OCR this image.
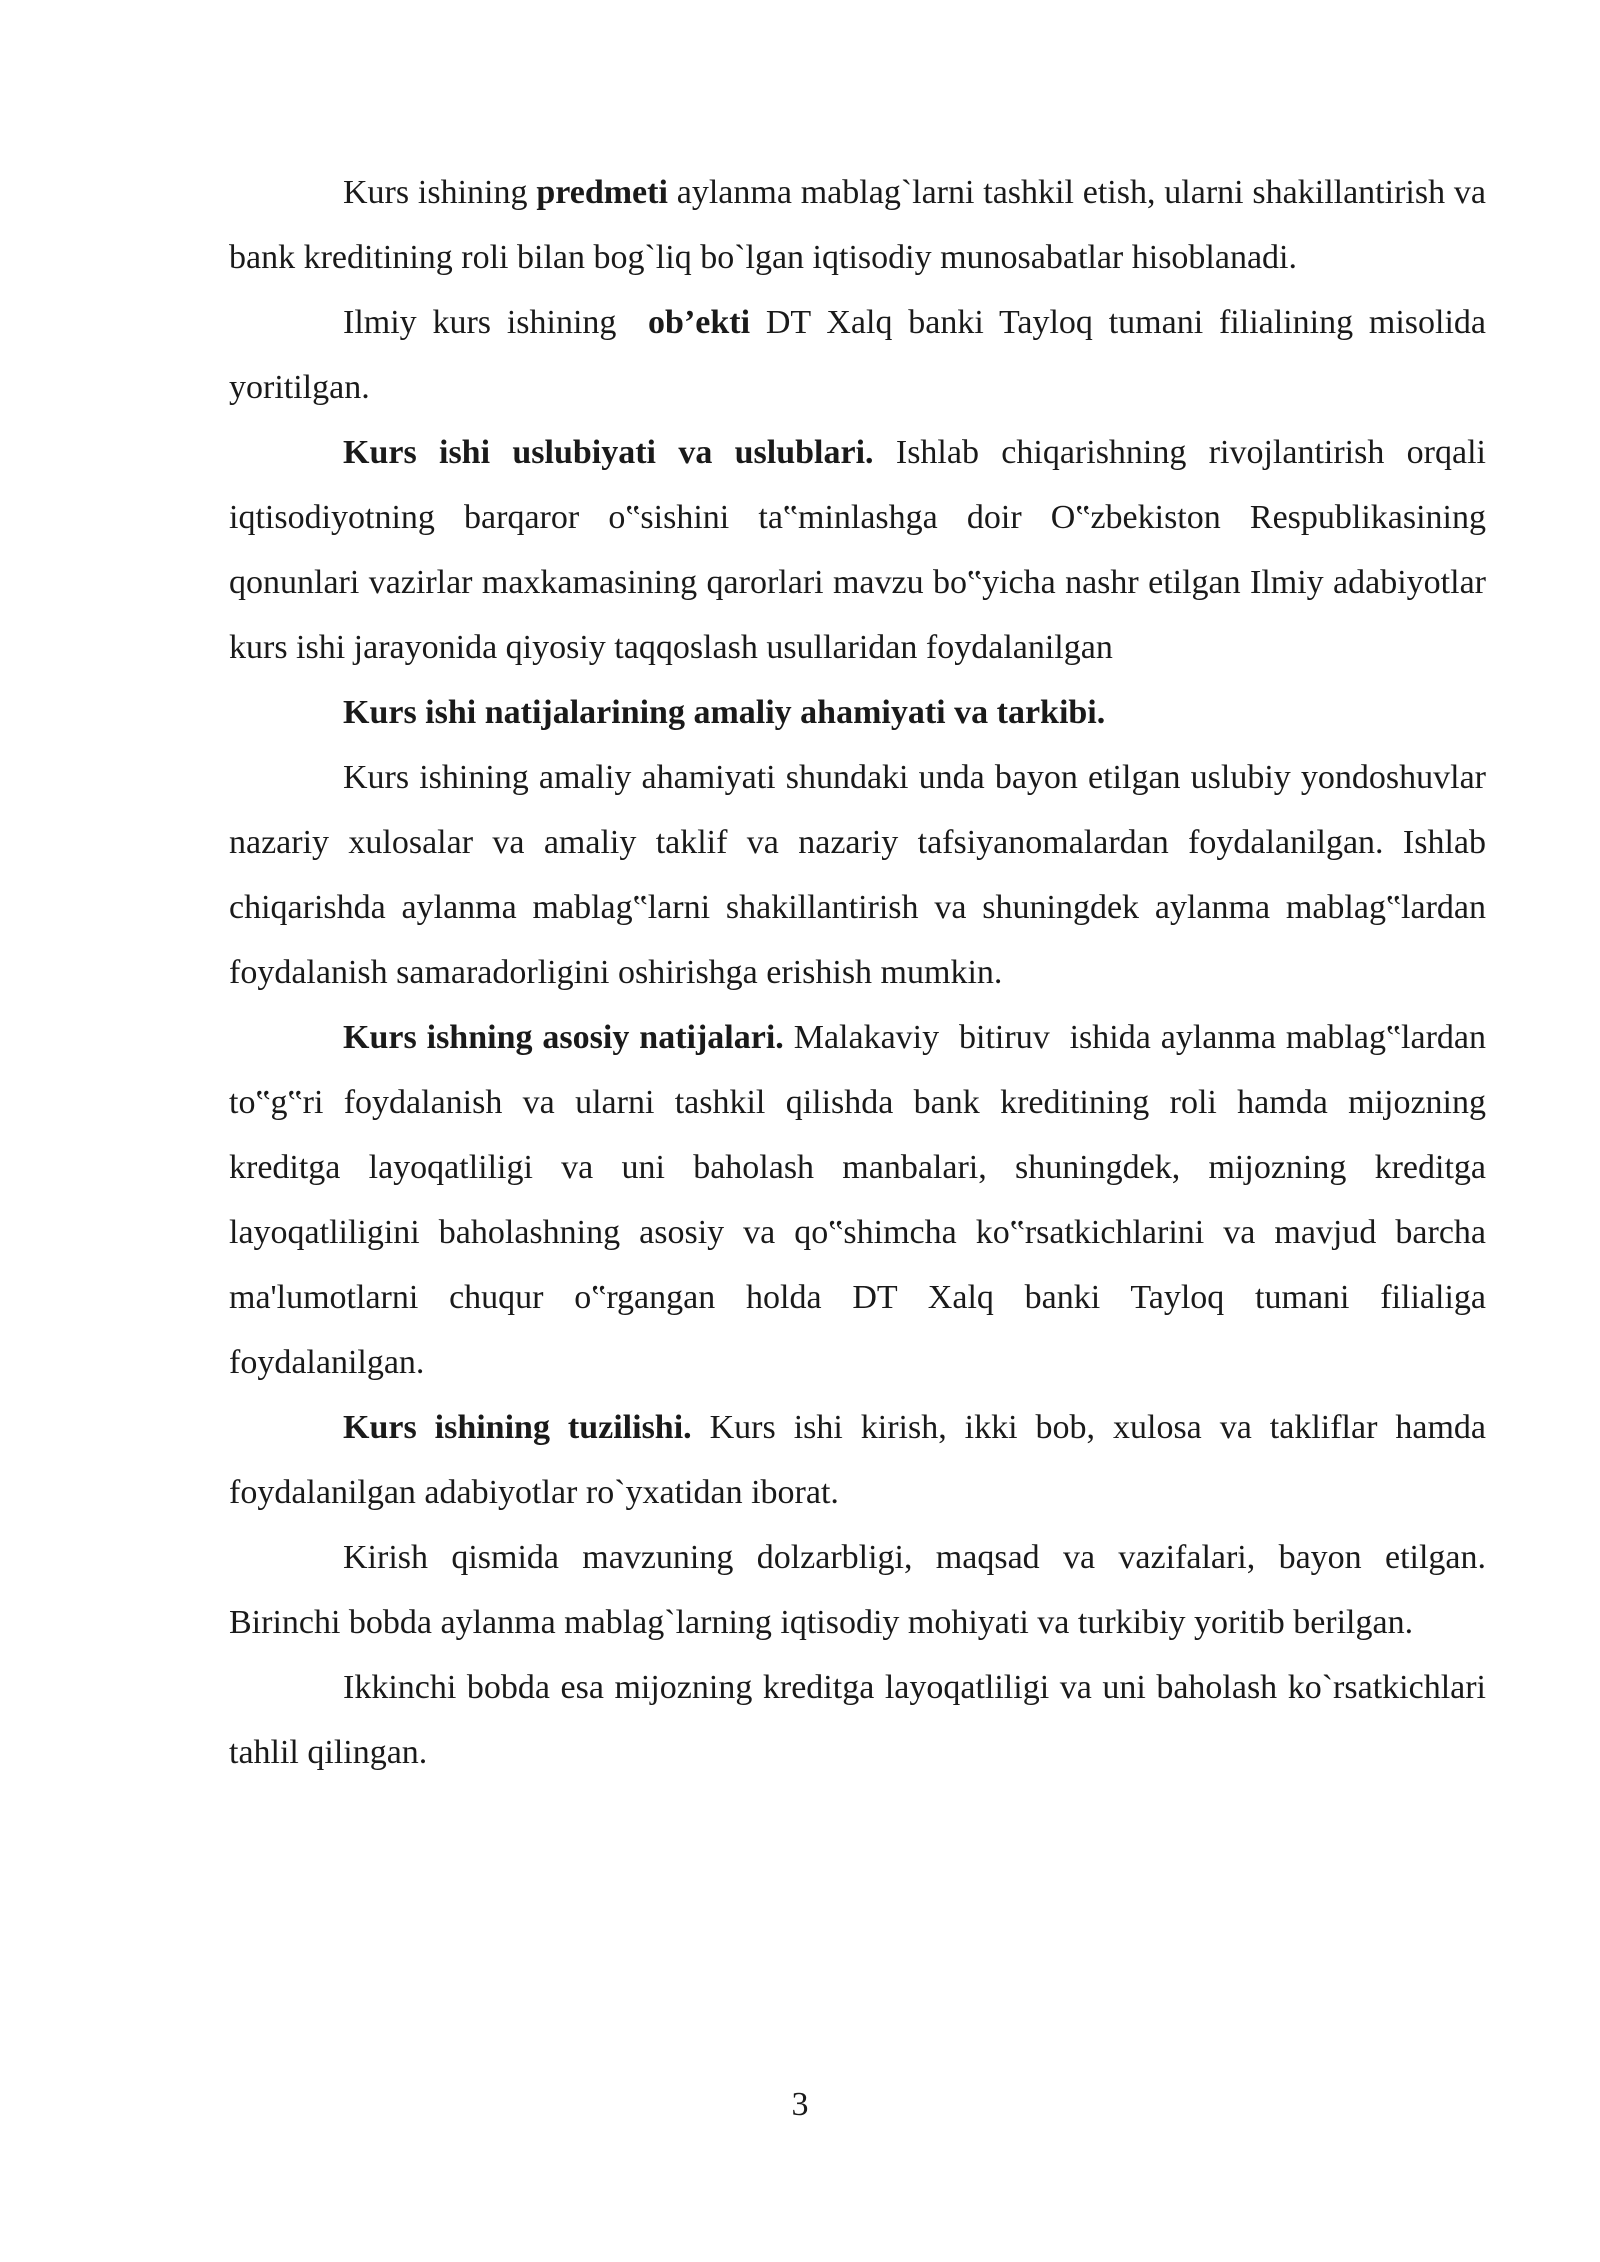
Kurs ishining predmeti aylanma mablag`larni tashkil etish, ularni shakillantirish va bank kreditining roli bilan bog`liq bo`lgan iqtisodiy munosabatlar hisoblanadi.

Ilmiy kurs ishining  ob’ekti DT Xalq banki Tayloq tumani filialining misolida yoritilgan.

Kurs ishi uslubiyati va uslublari. Ishlab chiqarishning rivojlantirish orqali iqtisodiyotning barqaror o‟sishini ta‟minlashga doir O‟zbekiston Respublikasining qonunlari vazirlar maxkamasining qarorlari mavzu bo‟yicha nashr etilgan Ilmiy adabiyotlar kurs ishi jarayonida qiyosiy taqqoslash usullaridan foydalanilgan

Kurs ishi natijalarining amaliy ahamiyati va tarkibi.

Kurs ishining amaliy ahamiyati shundaki unda bayon etilgan uslubiy yondoshuvlar nazariy xulosalar va amaliy taklif va nazariy tafsiyanomalardan foydalanilgan. Ishlab chiqarishda aylanma mablag‟larni shakillantirish va shuningdek aylanma mablag‟lardan foydalanish samaradorligini oshirishga erishish mumkin.

Kurs ishning asosiy natijalari. Malakaviy  bitiruv  ishida aylanma mablag‟lardan to‟g‟ri foydalanish va ularni tashkil qilishda bank kreditining roli hamda mijozning kreditga layoqatliligi va uni baholash manbalari, shuningdek, mijozning kreditga layoqatliligini baholashning asosiy va qo‟shimcha ko‟rsatkichlarini va mavjud barcha ma'lumotlarni chuqur o‟rgangan holda DT Xalq banki Tayloq tumani filialiga foydalanilgan.

Kurs ishining tuzilishi. Kurs ishi kirish, ikki bob, xulosa va takliflar hamda foydalanilgan adabiyotlar ro`yxatidan iborat.

Kirish qismida mavzuning dolzarbligi, maqsad va vazifalari, bayon etilgan. Birinchi bobda aylanma mablag`larning iqtisodiy mohiyati va turkibiy yoritib berilgan.

Ikkinchi bobda esa mijozning kreditga layoqatliligi va uni baholash ko`rsatkichlari tahlil qilingan.

3
